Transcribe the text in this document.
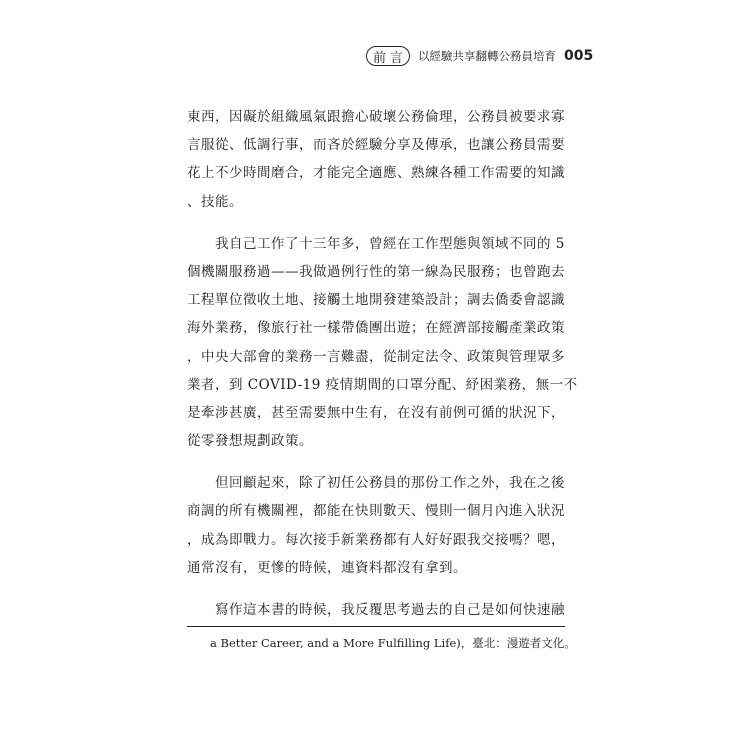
前言 以經驗共享翻轉公務員培育 005
東西，因礙於組織風氣跟擔心破壞公務倫理，公務員被要求寡
言服從、低調行事，而吝於經驗分享及傳承，也讓公務員需要
花上不少時間磨合，才能完全適應、熟練各種工作需要的知識
、技能。
　　我自己工作了十三年多，曾經在工作型態與領域不同的 5
個機關服務過——我做過例行性的第一線為民服務；也曾跑去
工程單位徵收土地、接觸土地開發建築設計；調去僑委會認識
海外業務，像旅行社一樣帶僑團出遊；在經濟部接觸產業政策
，中央大部會的業務一言難盡，從制定法令、政策與管理眾多
業者，到 COVID-19 疫情期間的口罩分配、紓困業務，無一不
是牽涉甚廣，甚至需要無中生有，在沒有前例可循的狀況下，
從零發想規劃政策。
　　但回顧起來，除了初任公務員的那份工作之外，我在之後
商調的所有機關裡，都能在快則數天、慢則一個月內進入狀況
，成為即戰力。每次接手新業務都有人好好跟我交接嗎？嗯，
通常沒有，更慘的時候，連資料都沒有拿到。
　　寫作這本書的時候，我反覆思考過去的自己是如何快速融
a Better Career, and a More Fulfilling Life)，臺北：漫遊者文化。
